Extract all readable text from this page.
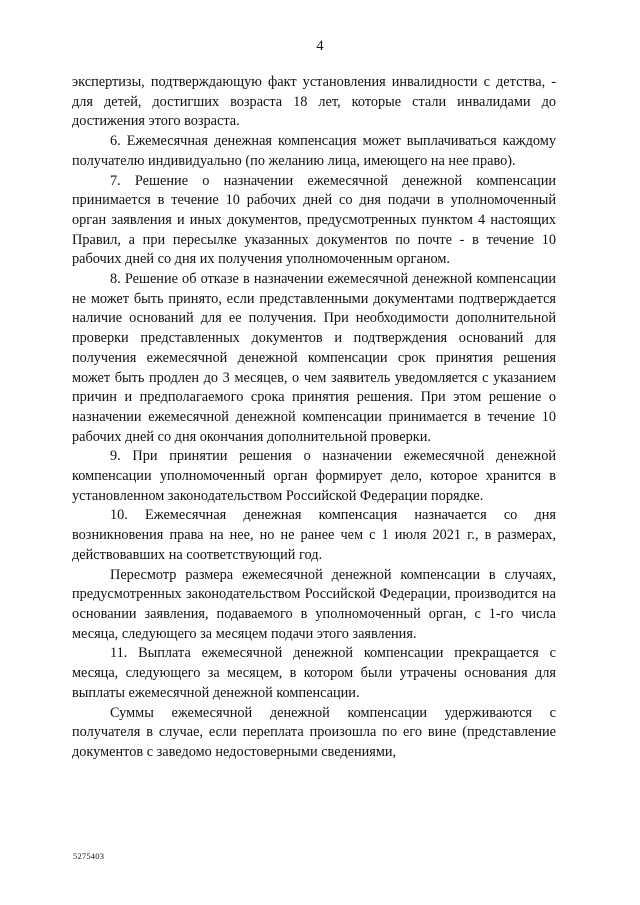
4

экспертизы, подтверждающую факт установления инвалидности с детства, - для детей, достигших возраста 18 лет, которые стали инвалидами до достижения этого возраста.

6. Ежемесячная денежная компенсация может выплачиваться каждому получателю индивидуально (по желанию лица, имеющего на нее право).

7. Решение о назначении ежемесячной денежной компенсации принимается в течение 10 рабочих дней со дня подачи в уполномоченный орган заявления и иных документов, предусмотренных пунктом 4 настоящих Правил, а при пересылке указанных документов по почте - в течение 10 рабочих дней со дня их получения уполномоченным органом.

8. Решение об отказе в назначении ежемесячной денежной компенсации не может быть принято, если представленными документами подтверждается наличие оснований для ее получения. При необходимости дополнительной проверки представленных документов и подтверждения оснований для получения ежемесячной денежной компенсации срок принятия решения может быть продлен до 3 месяцев, о чем заявитель уведомляется с указанием причин и предполагаемого срока принятия решения. При этом решение о назначении ежемесячной денежной компенсации принимается в течение 10 рабочих дней со дня окончания дополнительной проверки.

9. При принятии решения о назначении ежемесячной денежной компенсации уполномоченный орган формирует дело, которое хранится в установленном законодательством Российской Федерации порядке.

10. Ежемесячная денежная компенсация назначается со дня возникновения права на нее, но не ранее чем с 1 июля 2021 г., в размерах, действовавших на соответствующий год.

Пересмотр размера ежемесячной денежной компенсации в случаях, предусмотренных законодательством Российской Федерации, производится на основании заявления, подаваемого в уполномоченный орган, с 1-го числа месяца, следующего за месяцем подачи этого заявления.

11. Выплата ежемесячной денежной компенсации прекращается с месяца, следующего за месяцем, в котором были утрачены основания для выплаты ежемесячной денежной компенсации.

Суммы ежемесячной денежной компенсации удерживаются с получателя в случае, если переплата произошла по его вине (представление документов с заведомо недостоверными сведениями,

5275403
